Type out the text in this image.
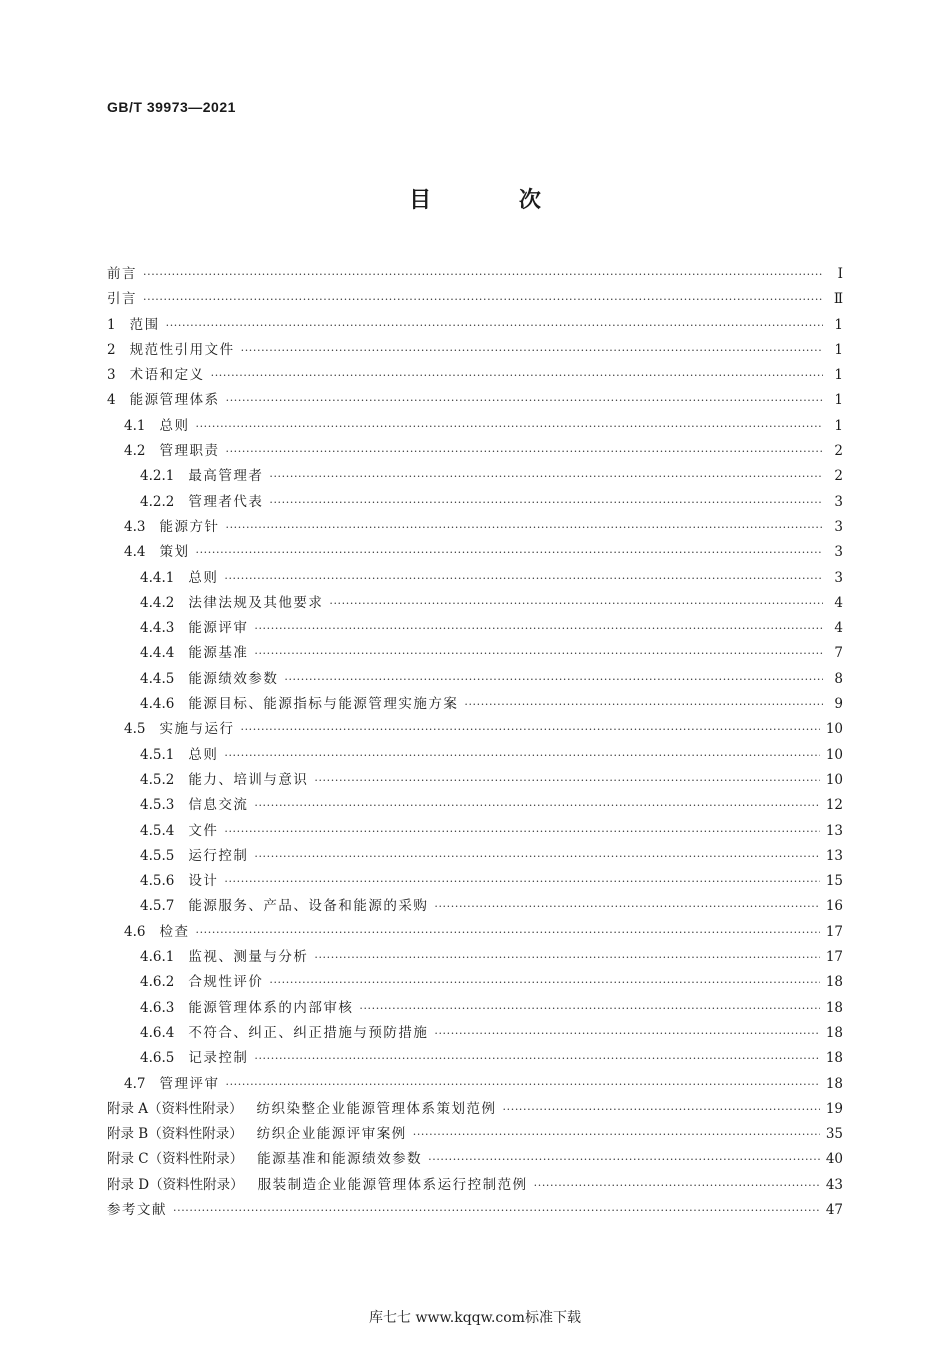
GB/T 39973—2021
目 次
前言 ·····	Ⅰ
引言 ·····	Ⅱ
1 范围 ·····	1
2 规范性引用文件 ·····	1
3 术语和定义 ·····	1
4 能源管理体系 ·····	1
4.1 总则 ·····	1
4.2 管理职责 ·····	2
4.2.1 最高管理者 ·····	2
4.2.2 管理者代表 ·····	3
4.3 能源方针 ·····	3
4.4 策划 ·····	3
4.4.1 总则 ·····	3
4.4.2 法律法规及其他要求 ·····	4
4.4.3 能源评审 ·····	4
4.4.4 能源基准 ·····	7
4.4.5 能源绩效参数 ·····	8
4.4.6 能源目标、能源指标与能源管理实施方案 ·····	9
4.5 实施与运行 ·····	10
4.5.1 总则 ·····	10
4.5.2 能力、培训与意识 ·····	10
4.5.3 信息交流 ·····	12
4.5.4 文件 ·····	13
4.5.5 运行控制 ·····	13
4.5.6 设计 ·····	15
4.5.7 能源服务、产品、设备和能源的采购 ·····	16
4.6 检查 ·····	17
4.6.1 监视、测量与分析 ·····	17
4.6.2 合规性评价 ·····	18
4.6.3 能源管理体系的内部审核 ·····	18
4.6.4 不符合、纠正、纠正措施与预防措施 ·····	18
4.6.5 记录控制 ·····	18
4.7 管理评审 ·····	18
附录 A（资料性附录） 纺织染整企业能源管理体系策划范例 ·····	19
附录 B（资料性附录） 纺织企业能源评审案例 ·····	35
附录 C（资料性附录） 能源基准和能源绩效参数 ·····	40
附录 D（资料性附录） 服装制造企业能源管理体系运行控制范例 ·····	43
参考文献 ·····	47
库七七 www.kqqw.com标准下载
